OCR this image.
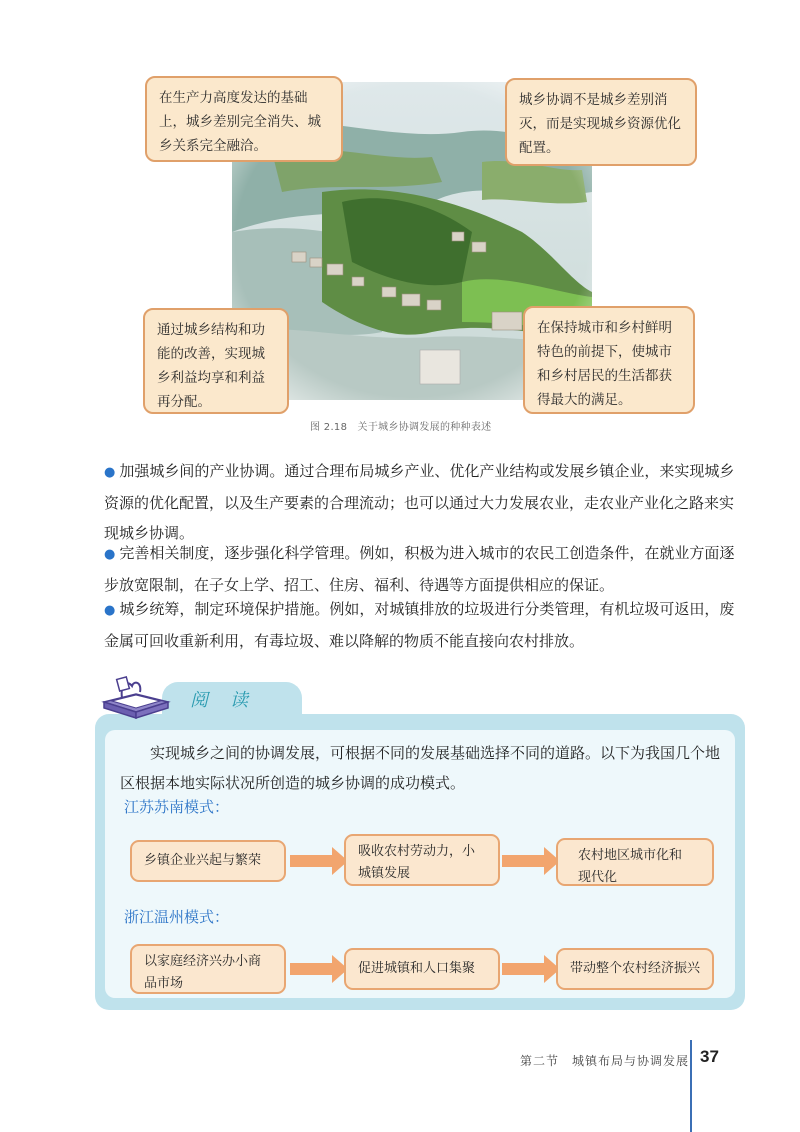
在生产力高度发达的基础上，城乡差别完全消失、城乡关系完全融洽。
城乡协调不是城乡差别消灭，而是实现城乡资源优化配置。
通过城乡结构和功能的改善，实现城乡利益均享和利益再分配。
在保持城市和乡村鲜明特色的前提下，使城市和乡村居民的生活都获得最大的满足。
图 2.18　关于城乡协调发展的种种表述
● 加强城乡间的产业协调。通过合理布局城乡产业、优化产业结构或发展乡镇企业，来实现城乡资源的优化配置，以及生产要素的合理流动；也可以通过大力发展农业，走农业产业化之路来实现城乡协调。
● 完善相关制度，逐步强化科学管理。例如，积极为进入城市的农民工创造条件，在就业方面逐步放宽限制，在子女上学、招工、住房、福利、待遇等方面提供相应的保证。
● 城乡统筹，制定环境保护措施。例如，对城镇排放的垃圾进行分类管理，有机垃圾可返田，废金属可回收重新利用，有毒垃圾、难以降解的物质不能直接向农村排放。
阅读
实现城乡之间的协调发展，可根据不同的发展基础选择不同的道路。以下为我国几个地区根据本地实际状况所创造的城乡协调的成功模式。
江苏苏南模式：
浙江温州模式：
乡镇企业兴起与繁荣
吸收农村劳动力，小城镇发展
农村地区城市化和现代化
以家庭经济兴办小商品市场
促进城镇和人口集聚	带动整个农村经济振兴
第二节　城镇布局与协调发展 37
